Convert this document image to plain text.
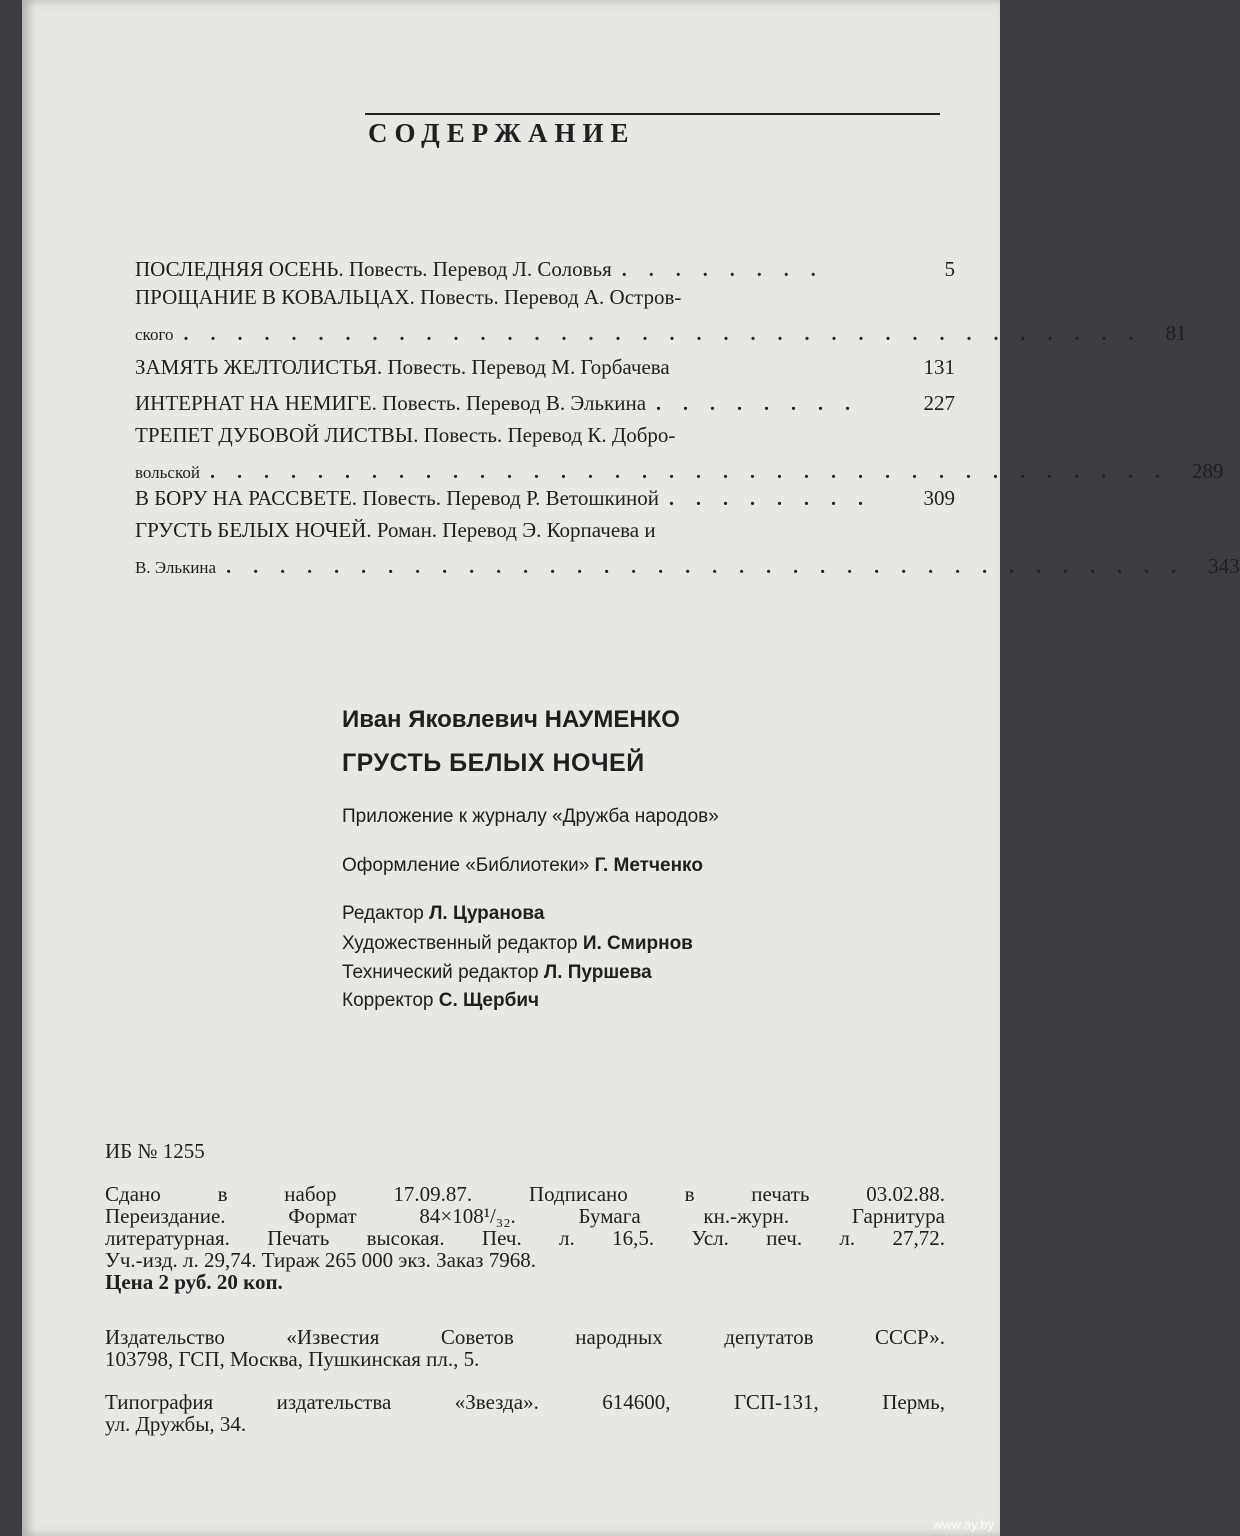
СОДЕРЖАНИЕ
ПОСЛЕДНЯЯ ОСЕНЬ. Повесть. Перевод Л. Соловья ........	5
ПРОЩАНИЕ В КОВАЛЬЦАХ. Повесть. Перевод А. Остров-
ского .................................... 81
ЗАМЯТЬ ЖЕЛТОЛИСТЬЯ. Повесть. Перевод М. Горбачева	131
ИНТЕРНАТ НА НЕМИГЕ. Повесть. Перевод В. Элькина ........	227
ТРЕПЕТ ДУБОВОЙ ЛИСТВЫ. Повесть. Перевод К. Добро-
вольской .................................... 289
В БОРУ НА РАССВЕТЕ. Повесть. Перевод Р. Ветошкиной ........	309
ГРУСТЬ БЕЛЫХ НОЧЕЙ. Роман. Перевод Э. Корпачева и
В. Элькина .................................... 343
Иван Яковлевич НАУМЕНКО
ГРУСТЬ БЕЛЫХ НОЧЕЙ
Приложение к журналу «Дружба народов»
Оформление «Библиотеки» Г. Метченко
Редактор Л. Цуранова
Художественный редактор И. Смирнов
Технический редактор Л. Пуршева
Корректор С. Щербич
ИБ № 1255
Сдано в набор 17.09.87. Подписано в печать 03.02.88.
Переиздание. Формат 84×108¹/₃₂. Бумага кн.-журн. Гарнитура
литературная. Печать высокая. Печ. л. 16,5. Усл. печ. л. 27,72.
Уч.-изд. л. 29,74. Тираж 265 000 экз. Заказ 7968.
Цена 2 руб. 20 коп.
Издательство «Известия Советов народных депутатов СССР».
103798, ГСП, Москва, Пушкинская пл., 5.
Типография издательства «Звезда». 614600, ГСП-131, Пермь,
ул. Дружбы, 34.
www.ay.by
